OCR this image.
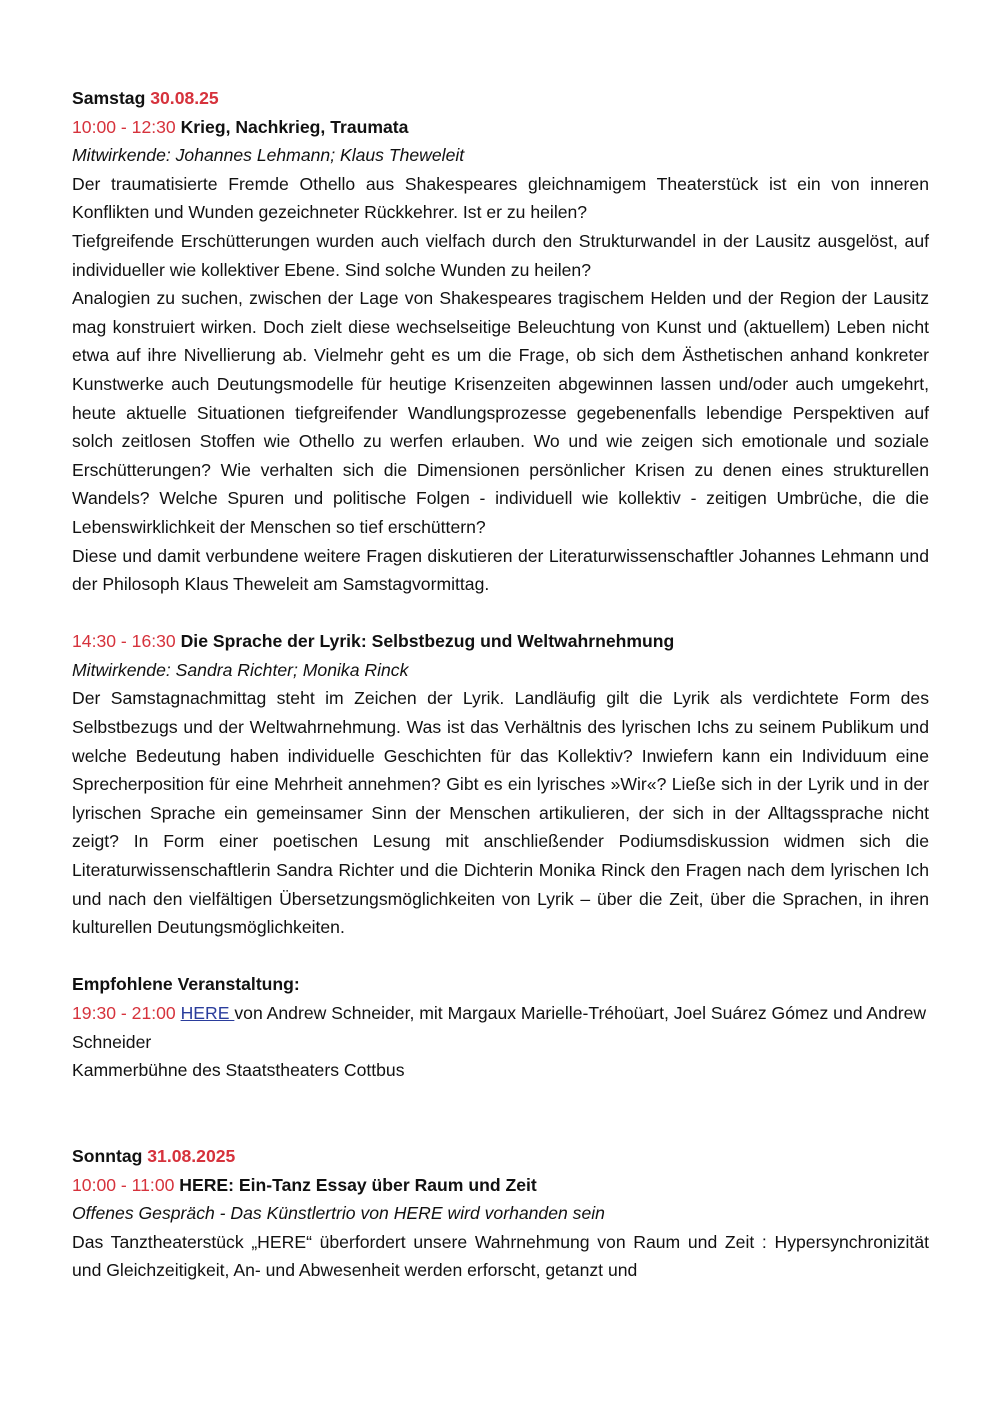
Samstag 30.08.25
10:00 - 12:30 Krieg, Nachkrieg, Traumata
Mitwirkende: Johannes Lehmann; Klaus Theweleit

Der traumatisierte Fremde Othello aus Shakespeares gleichnamigem Theaterstück ist ein von inneren Konflikten und Wunden gezeichneter Rückkehrer. Ist er zu heilen?

Tiefgreifende Erschütterungen wurden auch vielfach durch den Strukturwandel in der Lausitz ausgelöst, auf individueller wie kollektiver Ebene. Sind solche Wunden zu heilen?

Analogien zu suchen, zwischen der Lage von Shakespeares tragischem Helden und der Region der Lausitz mag konstruiert wirken. Doch zielt diese wechselseitige Beleuchtung von Kunst und (aktuellem) Leben nicht etwa auf ihre Nivellierung ab. Vielmehr geht es um die Frage, ob sich dem Ästhetischen anhand konkreter Kunstwerke auch Deutungsmodelle für heutige Krisenzeiten abgewinnen lassen und/oder auch umgekehrt, heute aktuelle Situationen tiefgreifender Wandlungsprozesse gegebenenfalls lebendige Perspektiven auf solch zeitlosen Stoffen wie Othello zu werfen erlauben. Wo und wie zeigen sich emotionale und soziale Erschütterungen? Wie verhalten sich die Dimensionen persönlicher Krisen zu denen eines strukturellen Wandels? Welche Spuren und politische Folgen - individuell wie kollektiv - zeitigen Umbrüche, die die Lebenswirklichkeit der Menschen so tief erschüttern?

Diese und damit verbundene weitere Fragen diskutieren der Literaturwissenschaftler Johannes Lehmann und der Philosoph Klaus Theweleit am Samstagvormittag.

14:30 - 16:30 Die Sprache der Lyrik: Selbstbezug und Weltwahrnehmung
Mitwirkende: Sandra Richter; Monika Rinck

Der Samstagnachmittag steht im Zeichen der Lyrik. Landläufig gilt die Lyrik als verdichtete Form des Selbstbezugs und der Weltwahrnehmung. Was ist das Verhältnis des lyrischen Ichs zu seinem Publikum und welche Bedeutung haben individuelle Geschichten für das Kollektiv? Inwiefern kann ein Individuum eine Sprecherposition für eine Mehrheit annehmen? Gibt es ein lyrisches »Wir«? Ließe sich in der Lyrik und in der lyrischen Sprache ein gemeinsamer Sinn der Menschen artikulieren, der sich in der Alltagssprache nicht zeigt? In Form einer poetischen Lesung mit anschließender Podiumsdiskussion widmen sich die Literaturwissenschaftlerin Sandra Richter und die Dichterin Monika Rinck den Fragen nach dem lyrischen Ich und nach den vielfältigen Übersetzungsmöglichkeiten von Lyrik – über die Zeit, über die Sprachen, in ihren kulturellen Deutungsmöglichkeiten.

Empfohlene Veranstaltung:
19:30 - 21:00 HERE von Andrew Schneider, mit Margaux Marielle-Tréhoüart, Joel Suárez Gómez und Andrew Schneider
Kammerbühne des Staatstheaters Cottbus
Sonntag 31.08.2025
10:00 - 11:00 HERE: Ein-Tanz Essay über Raum und Zeit
Offenes Gespräch - Das Künstlertrio von HERE wird vorhanden sein

Das Tanztheaterstück „HERE“ überfordert unsere Wahrnehmung von Raum und Zeit : Hypersynchronizität und Gleichzeitigkeit, An- und Abwesenheit werden erforscht, getanzt und
